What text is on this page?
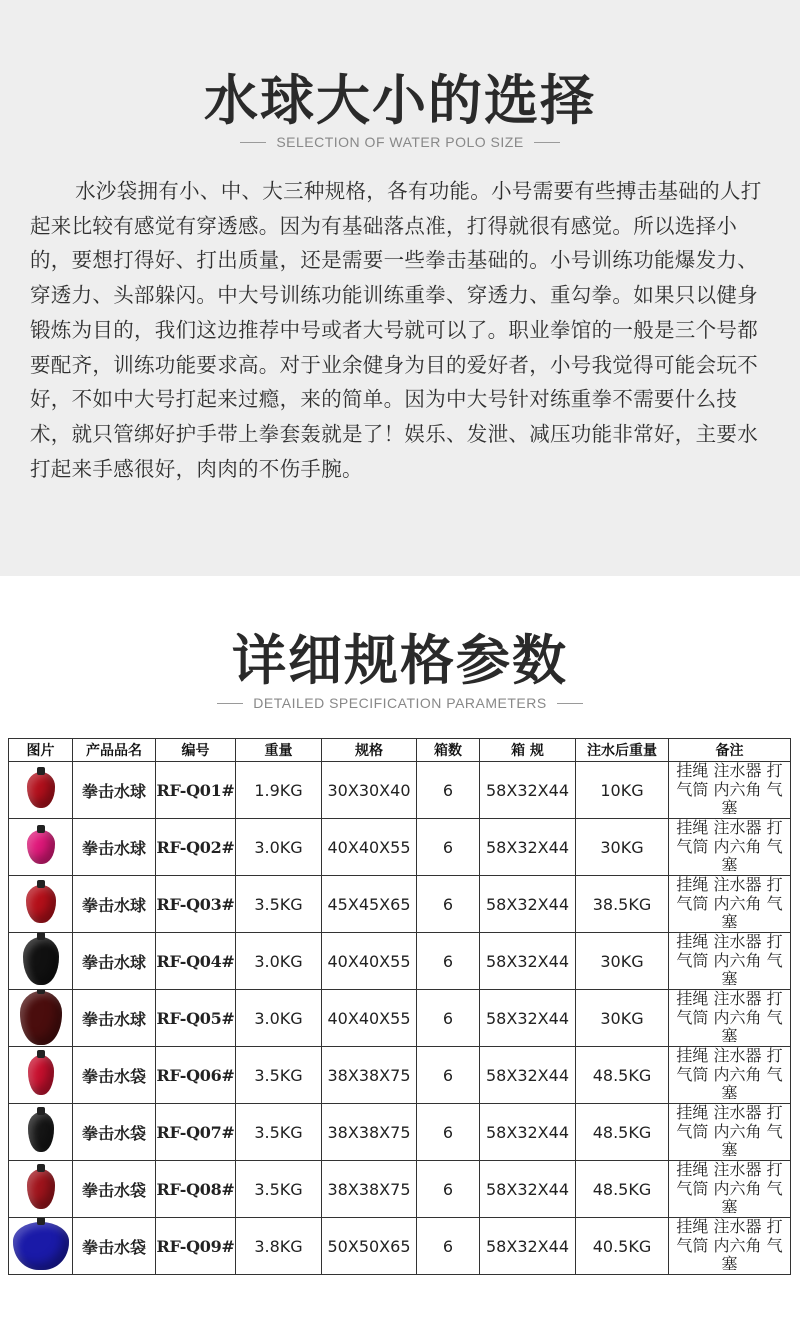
水球大小的选择
SELECTION OF WATER POLO SIZE

水沙袋拥有小、中、大三种规格，各有功能。小号需要有些搏击基础的人打起来比较有感觉有穿透感。因为有基础落点准，打得就很有感觉。所以选择小的，要想打得好、打出质量，还是需要一些拳击基础的。小号训练功能爆发力、穿透力、头部躲闪。中大号训练功能训练重拳、穿透力、重勾拳。如果只以健身锻炼为目的，我们这边推荐中号或者大号就可以了。职业拳馆的一般是三个号都要配齐，训练功能要求高。对于业余健身为目的爱好者，小号我觉得可能会玩不好，不如中大号打起来过瘾，来的简单。因为中大号针对练重拳不需要什么技术，就只管绑好护手带上拳套轰就是了！娱乐、发泄、减压功能非常好，主要水打起来手感很好，肉肉的不伤手腕。

详细规格参数
DETAILED SPECIFICATION PARAMETERS
图片	产品品名	编号	重量	规格	箱数	箱 规	注水后重量	备注

	拳击水球	RF-Q01#	1.9KG	30X30X40	6	58X32X44	10KG	挂绳 注水器 打气筒 内六角 气塞

	拳击水球	RF-Q02#	3.0KG	40X40X55	6	58X32X44	30KG	挂绳 注水器 打气筒 内六角 气塞

	拳击水球	RF-Q03#	3.5KG	45X45X65	6	58X32X44	38.5KG	挂绳 注水器 打气筒 内六角 气塞

	拳击水球	RF-Q04#	3.0KG	40X40X55	6	58X32X44	30KG	挂绳 注水器 打气筒 内六角 气塞

	拳击水球	RF-Q05#	3.0KG	40X40X55	6	58X32X44	30KG	挂绳 注水器 打气筒 内六角 气塞

	拳击水袋	RF-Q06#	3.5KG	38X38X75	6	58X32X44	48.5KG	挂绳 注水器 打气筒 内六角 气塞

	拳击水袋	RF-Q07#	3.5KG	38X38X75	6	58X32X44	48.5KG	挂绳 注水器 打气筒 内六角 气塞

	拳击水袋	RF-Q08#	3.5KG	38X38X75	6	58X32X44	48.5KG	挂绳 注水器 打气筒 内六角 气塞

	拳击水袋	RF-Q09#	3.8KG	50X50X65	6	58X32X44	40.5KG	挂绳 注水器 打气筒 内六角 气塞
